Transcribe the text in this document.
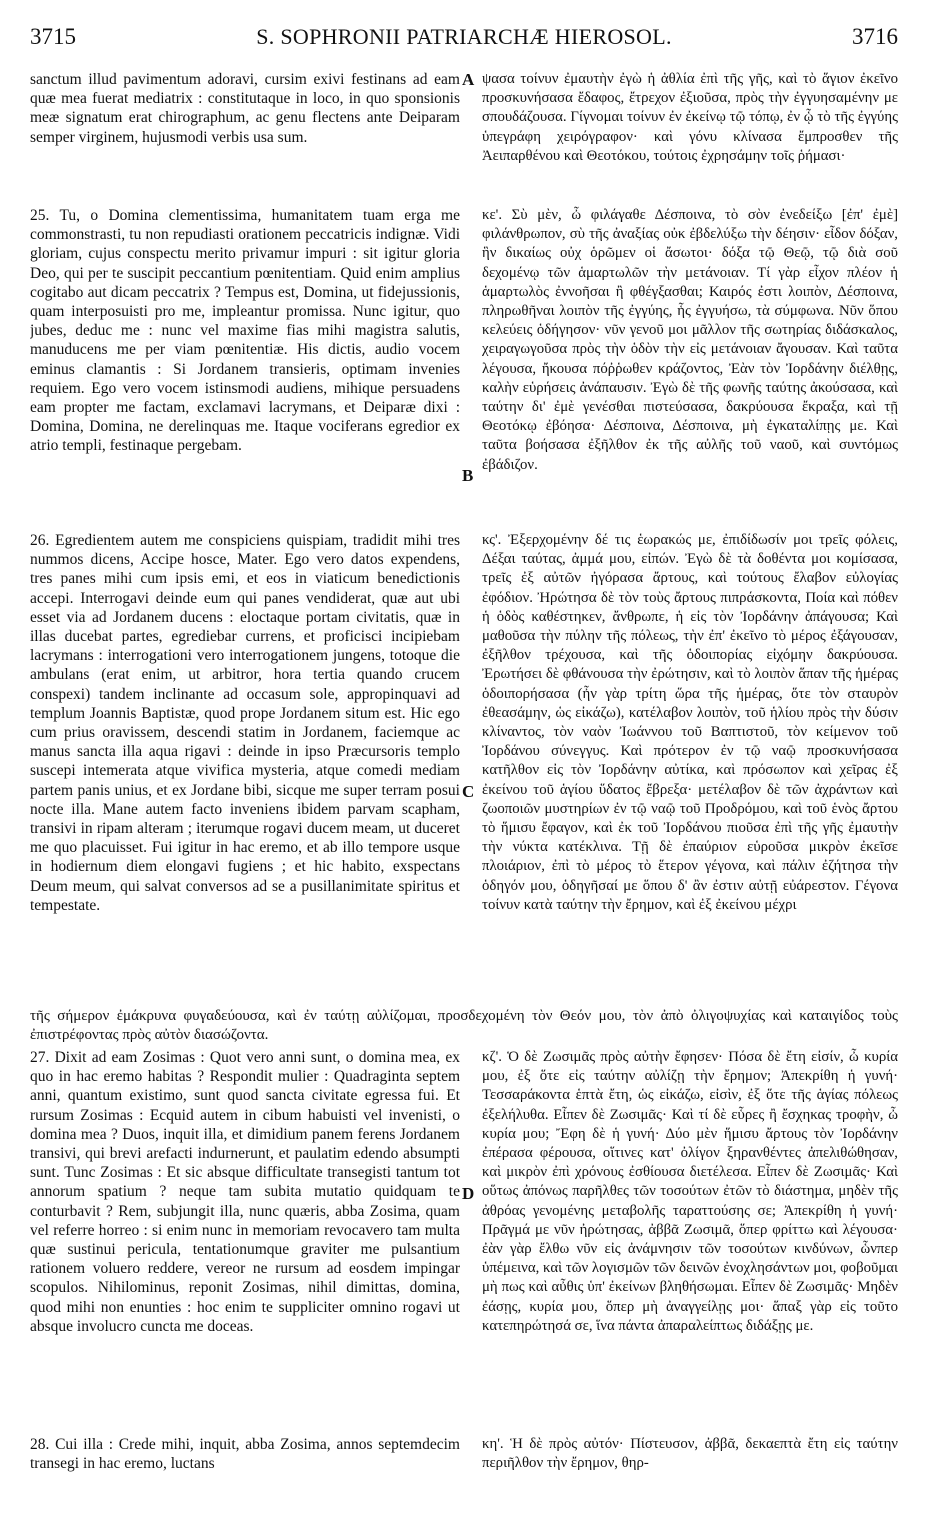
3715	S. SOPHRONII PATRIARCHÆ HIEROSOL.	3716
A
B
C
D

sanctum illud pavimentum adoravi, cursim exivi festinans ad eam quæ mea fuerat mediatrix : constitutaque in loco, in quo sponsionis meæ signatum erat chirographum, ac genu flectens ante Deiparam semper virginem, hujusmodi verbis usa sum.

25. Tu, o Domina clementissima, humanitatem tuam erga me commonstrasti, tu non repudiasti orationem peccatricis indignæ. Vidi gloriam, cujus conspectu merito privamur impuri : sit igitur gloria Deo, qui per te suscipit peccantium pœnitentiam. Quid enim amplius cogitabo aut dicam peccatrix ? Tempus est, Domina, ut fidejussionis, quam interposuisti pro me, impleantur promissa. Nunc igitur, quo jubes, deduc me : nunc vel maxime fias mihi magistra salutis, manuducens me per viam pœnitentiæ. His dictis, audio vocem eminus clamantis : Si Jordanem transieris, optimam invenies requiem. Ego vero vocem istinsmodi audiens, mihique persuadens eam propter me factam, exclamavi lacrymans, et Deiparæ dixi : Domina, Domina, ne derelinquas me. Itaque vociferans egredior ex atrio templi, festinaque pergebam.

26. Egredientem autem me conspiciens quispiam, tradidit mihi tres nummos dicens, Accipe hosce, Mater. Ego vero datos expendens, tres panes mihi cum ipsis emi, et eos in viaticum benedictionis accepi. Interrogavi deinde eum qui panes vendiderat, quæ aut ubi esset via ad Jordanem ducens : eloctaque portam civitatis, quæ in illas ducebat partes, egrediebar currens, et proficisci incipiebam lacrymans : interrogationi vero interrogationem jungens, totoque die ambulans (erat enim, ut arbitror, hora tertia quando crucem conspexi) tandem inclinante ad occasum sole, appropinquavi ad templum Joannis Baptistæ, quod prope Jordanem situm est. Hic ego cum prius oravissem, descendi statim in Jordanem, faciemque ac manus sancta illa aqua rigavi : deinde in ipso Præcursoris templo suscepi intemerata atque vivifica mysteria, atque comedi mediam partem panis unius, et ex Jordane bibi, sicque me super terram posui nocte illa. Mane autem facto inveniens ibidem parvam scapham, transivi in ripam alteram ; iterumque rogavi ducem meam, ut duceret me quo placuisset. Fui igitur in hac eremo, et ab illo tempore usque in hodiernum diem elongavi fugiens ; et hic habito, exspectans Deum meum, qui salvat conversos ad se a pusillanimitate spiritus et tempestate.

27. Dixit ad eam Zosimas : Quot vero anni sunt, o domina mea, ex quo in hac eremo habitas ? Respondit mulier : Quadraginta septem anni, quantum existimo, sunt quod sancta civitate egressa fui. Et rursum Zosimas : Ecquid autem in cibum habuisti vel invenisti, o domina mea ? Duos, inquit illa, et dimidium panem ferens Jordanem transivi, qui brevi arefacti indurnerunt, et paulatim edendo absumpti sunt. Tunc Zosimas : Et sic absque difficultate transegisti tantum tot annorum spatium ? neque tam subita mutatio quidquam te conturbavit ? Rem, subjungit illa, nunc quæris, abba Zosima, quam vel referre horreo : si enim nunc in memoriam revocavero tam multa quæ sustinui pericula, tentationumque graviter me pulsantium rationem voluero reddere, vereor ne rursum ad eosdem impingar scopulos. Nihilominus, reponit Zosimas, nihil dimittas, domina, quod mihi non enunties : hoc enim te suppliciter omnino rogavi ut absque involucro cuncta me doceas.

28. Cui illa : Crede mihi, inquit, abba Zosima, annos septemdecim transegi in hac eremo, luctans

ψασα τοίνυν ἐμαυτὴν ἐγὼ ἡ ἀθλία ἐπὶ τῆς γῆς, καὶ τὸ ἅγιον ἐκεῖνο προσκυνήσασα ἔδαφος, ἔτρεχον ἐξιοῦσα, πρὸς τὴν ἐγγυησαμένην με σπουδάζουσα. Γίγνομαι τοίνυν ἐν ἐκείνῳ τῷ τόπῳ, ἐν ᾧ τὸ τῆς ἐγγύης ὑπεγράφη χειρόγραφον· καὶ γόνυ κλίνασα ἔμπροσθεν τῆς Ἀειπαρθένου καὶ Θεοτόκου, τούτοις ἐχρησάμην τοῖς ῥήμασι·

κε'. Σὺ μὲν, ὦ φιλάγαθε Δέσποινα, τὸ σὸν ἐνεδείξω [ἐπ' ἐμὲ] φιλάνθρωπον, σὺ τῆς ἀναξίας οὐκ ἐβδελύξω τὴν δέησιν· εἶδον δόξαν, ἣν δικαίως οὐχ ὁρῶμεν οἱ ἄσωτοι· δόξα τῷ Θεῷ, τῷ διὰ σοῦ δεχομένῳ τῶν ἁμαρτωλῶν τὴν μετάνοιαν. Τί γὰρ εἶχον πλέον ἡ ἁμαρτωλὸς ἐννοῆσαι ἢ φθέγξασθαι; Καιρός ἐστι λοιπὸν, Δέσποινα, πληρωθῆναι λοιπὸν τῆς ἐγγύης, ἧς ἐγγυήσω, τὰ σύμφωνα. Νῦν ὅπου κελεύεις ὁδήγησον· νῦν γενοῦ μοι μᾶλλον τῆς σωτηρίας διδάσκαλος, χειραγωγοῦσα πρὸς τὴν ὁδὸν τὴν εἰς μετάνοιαν ἄγουσαν. Καὶ ταῦτα λέγουσα, ἤκουσα πόῤῥωθεν κράζοντος, Ἐὰν τὸν Ἰορδάνην διέλθῃς, καλὴν εὑρήσεις ἀνάπαυσιν. Ἐγὼ δὲ τῆς φωνῆς ταύτης ἀκούσασα, καὶ ταύτην δι' ἐμὲ γενέσθαι πιστεύσασα, δακρύουσα ἔκραξα, καὶ τῇ Θεοτόκῳ ἐβόησα· Δέσποινα, Δέσποινα, μὴ ἐγκαταλίπῃς με. Καὶ ταῦτα βοήσασα ἐξῆλθον ἐκ τῆς αὐλῆς τοῦ ναοῦ, καὶ συντόμως ἐβάδιζον.

κς'. Ἐξερχομένην δέ τις ἑωρακώς με, ἐπιδίδωσίν μοι τρεῖς φόλεις, Δέξαι ταύτας, ἀμμά μου, εἰπών. Ἐγὼ δὲ τὰ δοθέντα μοι κομίσασα, τρεῖς ἐξ αὐτῶν ἠγόρασα ἄρτους, καὶ τούτους ἔλαβον εὐλογίας ἐφόδιον. Ἠρώτησα δὲ τὸν τοὺς ἄρτους πιπράσκοντα, Ποία καὶ πόθεν ἡ ὁδὸς καθέστηκεν, ἄνθρωπε, ἡ εἰς τὸν Ἰορδάνην ἀπάγουσα; Καὶ μαθοῦσα τὴν πύλην τῆς πόλεως, τὴν ἐπ' ἐκεῖνο τὸ μέρος ἐξάγουσαν, ἐξῆλθον τρέχουσα, καὶ τῆς ὁδοιπορίας εἰχόμην δακρύουσα. Ἐρωτήσει δὲ φθάνουσα τὴν ἐρώτησιν, καὶ τὸ λοιπὸν ἅπαν τῆς ἡμέρας ὁδοιπορήσασα (ἦν γὰρ τρίτη ὥρα τῆς ἡμέρας, ὅτε τὸν σταυρὸν ἐθεασάμην, ὡς εἰκάζω), κατέλαβον λοιπὸν, τοῦ ἡλίου πρὸς τὴν δύσιν κλίναντος, τὸν ναὸν Ἰωάννου τοῦ Βαπτιστοῦ, τὸν κείμενον τοῦ Ἰορδάνου σύνεγγυς. Καὶ πρότερον ἐν τῷ ναῷ προσκυνήσασα κατῆλθον εἰς τὸν Ἰορδάνην αὐτίκα, καὶ πρόσωπον καὶ χεῖρας ἐξ ἐκείνου τοῦ ἁγίου ὕδατος ἔβρεξα· μετέλαβον δὲ τῶν ἀχράντων καὶ ζωοποιῶν μυστηρίων ἐν τῷ ναῷ τοῦ Προδρόμου, καὶ τοῦ ἑνὸς ἄρτου τὸ ἥμισυ ἔφαγον, καὶ ἐκ τοῦ Ἰορδάνου πιοῦσα ἐπὶ τῆς γῆς ἐμαυτὴν τὴν νύκτα κατέκλινα. Τῇ δὲ ἐπαύριον εὑροῦσα μικρὸν ἐκεῖσε πλοιάριον, ἐπὶ τὸ μέρος τὸ ἕτερον γέγονα, καὶ πάλιν ἐζήτησα τὴν ὁδηγόν μου, ὁδηγῆσαί με ὅπου δ' ἂν ἐστιν αὐτῇ εὐάρεστον. Γέγονα τοίνυν κατὰ ταύτην τὴν ἔρημον, καὶ ἐξ ἐκείνου μέχρι

τῆς σήμερον ἐμάκρυνα φυγαδεύουσα, καὶ ἐν ταύτῃ αὐλίζομαι, προσδεχομένη τὸν Θεόν μου, τὸν ἀπὸ ὀλιγοψυχίας καὶ καταιγίδος τοὺς ἐπιστρέφοντας πρὸς αὐτὸν διασώζοντα.

κζ'. Ὁ δὲ Ζωσιμᾶς πρὸς αὐτὴν ἔφησεν· Πόσα δὲ ἔτη εἰσίν, ὦ κυρία μου, ἐξ ὅτε εἰς ταύτην αὐλίζῃ τὴν ἔρημον; Ἀπεκρίθη ἡ γυνή· Τεσσαράκοντα ἑπτὰ ἔτη, ὡς εἰκάζω, εἰσὶν, ἐξ ὅτε τῆς ἁγίας πόλεως ἐξελήλυθα. Εἶπεν δὲ Ζωσιμᾶς· Καὶ τί δὲ εὗρες ἢ ἔσχηκας τροφὴν, ὦ κυρία μου; Ἔφη δὲ ἡ γυνή· Δύο μὲν ἥμισυ ἄρτους τὸν Ἰορδάνην ἐπέρασα φέρουσα, οἵτινες κατ' ὀλίγον ξηρανθέντες ἀπελιθώθησαν, καὶ μικρὸν ἐπὶ χρόνους ἐσθίουσα διετέλεσα. Εἶπεν δὲ Ζωσιμᾶς· Καὶ οὕτως ἀπόνως παρῆλθες τῶν τοσούτων ἐτῶν τὸ διάστημα, μηδὲν τῆς ἀθρόας γενομένης μεταβολῆς ταραττούσης σε; Ἀπεκρίθη ἡ γυνή· Πρᾶγμά με νῦν ἠρώτησας, ἀββᾶ Ζωσιμᾶ, ὅπερ φρίττω καὶ λέγουσα· ἐὰν γὰρ ἔλθω νῦν εἰς ἀνάμνησιν τῶν τοσούτων κινδύνων, ὧνπερ ὑπέμεινα, καὶ τῶν λογισμῶν τῶν δεινῶν ἐνοχλησάντων μοι, φοβοῦμαι μὴ πως καὶ αὖθις ὑπ' ἐκείνων βληθήσωμαι. Εἶπεν δὲ Ζωσιμᾶς· Μηδὲν ἐάσῃς, κυρία μου, ὅπερ μὴ ἀναγγείλῃς μοι· ἅπαξ γὰρ εἰς τοῦτο κατεπηρώτησά σε, ἵνα πάντα ἀπαραλείπτως διδάξῃς με.

κη'. Ἡ δὲ πρὸς αὐτόν· Πίστευσον, ἀββᾶ, δεκαεπτὰ ἔτη εἰς ταύτην περιῆλθον τὴν ἔρημον, θηρ-
